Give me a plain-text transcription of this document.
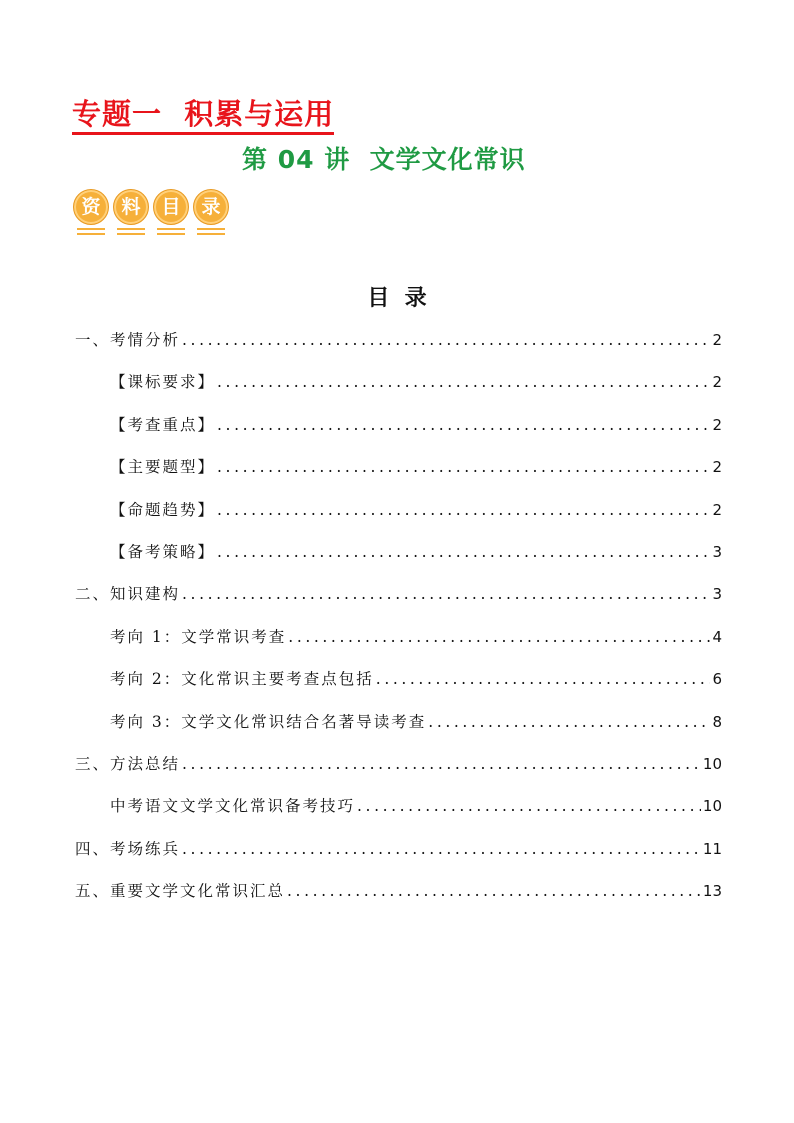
专题一  积累与运用
第 04 讲  文学文化常识
资	料	目	录
目  录
一、考情分析 .....	2
【课标要求】 .....	2
【考查重点】 .....	2
【主要题型】 .....	2
【命题趋势】 .....	2
【备考策略】 .....	3
二、知识建构 .....	3
考向 1：文学常识考查 .....	4
考向 2：文化常识主要考查点包括 .....	6
考向 3：文学文化常识结合名著导读考查 .....	8
三、方法总结 .....	10
中考语文文学文化常识备考技巧 .....	10
四、考场练兵 .....	11
五、重要文学文化常识汇总 .....	13
